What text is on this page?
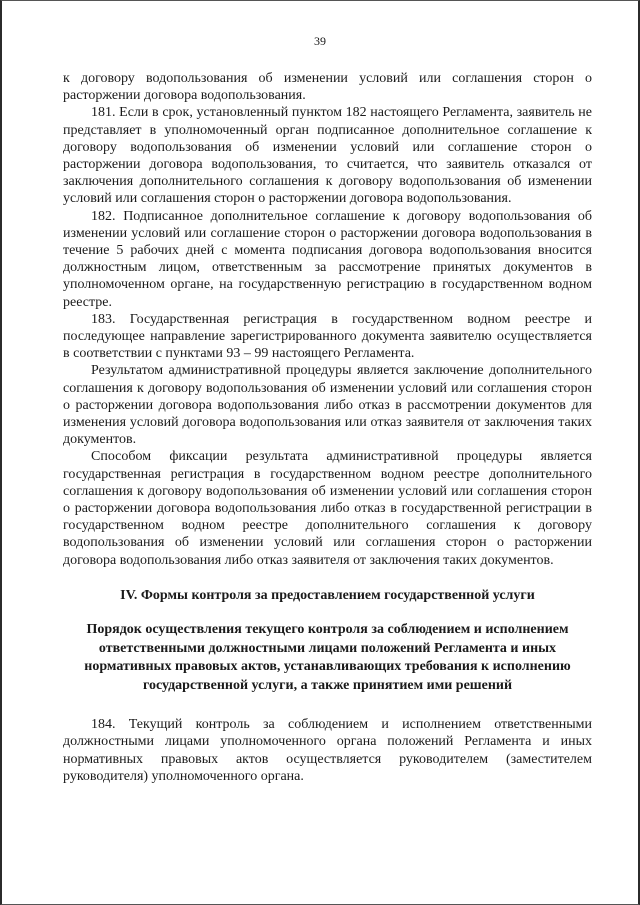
39

к договору водопользования об изменении условий или соглашения сторон о расторжении договора водопользования.

181. Если в срок, установленный пунктом 182 настоящего Регламента, заявитель не представляет в уполномоченный орган подписанное дополнительное соглашение к договору водопользования об изменении условий или соглашение сторон о расторжении договора водопользования, то считается, что заявитель отказался от заключения дополнительного соглашения к договору водопользования об изменении условий или соглашения сторон о расторжении договора водопользования.

182. Подписанное дополнительное соглашение к договору водопользования об изменении условий или соглашение сторон о расторжении договора водопользования в течение 5 рабочих дней с момента подписания договора водопользования вносится должностным лицом, ответственным за рассмотрение принятых документов в уполномоченном органе, на государственную регистрацию в государственном водном реестре.

183. Государственная регистрация в государственном водном реестре и последующее направление зарегистрированного документа заявителю осуществляется в соответствии с пунктами 93 – 99 настоящего Регламента.

Результатом административной процедуры является заключение дополнительного соглашения к договору водопользования об изменении условий или соглашения сторон о расторжении договора водопользования либо отказ в рассмотрении документов для изменения условий договора водопользования или отказ заявителя от заключения таких документов.

Способом фиксации результата административной процедуры является государственная регистрация в государственном водном реестре дополнительного соглашения к договору водопользования об изменении условий или соглашения сторон о расторжении договора водопользования либо отказ в государственной регистрации в государственном водном реестре дополнительного соглашения к договору водопользования об изменении условий или соглашения сторон о расторжении договора водопользования либо отказ заявителя от заключения таких документов.

IV. Формы контроля за предоставлением государственной услуги
Порядок осуществления текущего контроля за соблюдением и исполнением ответственными должностными лицами положений Регламента и иных нормативных правовых актов, устанавливающих требования к исполнению государственной услуги, а также принятием ими решений

184. Текущий контроль за соблюдением и исполнением ответственными должностными лицами уполномоченного органа положений Регламента и иных нормативных правовых актов осуществляется руководителем (заместителем руководителя) уполномоченного органа.
